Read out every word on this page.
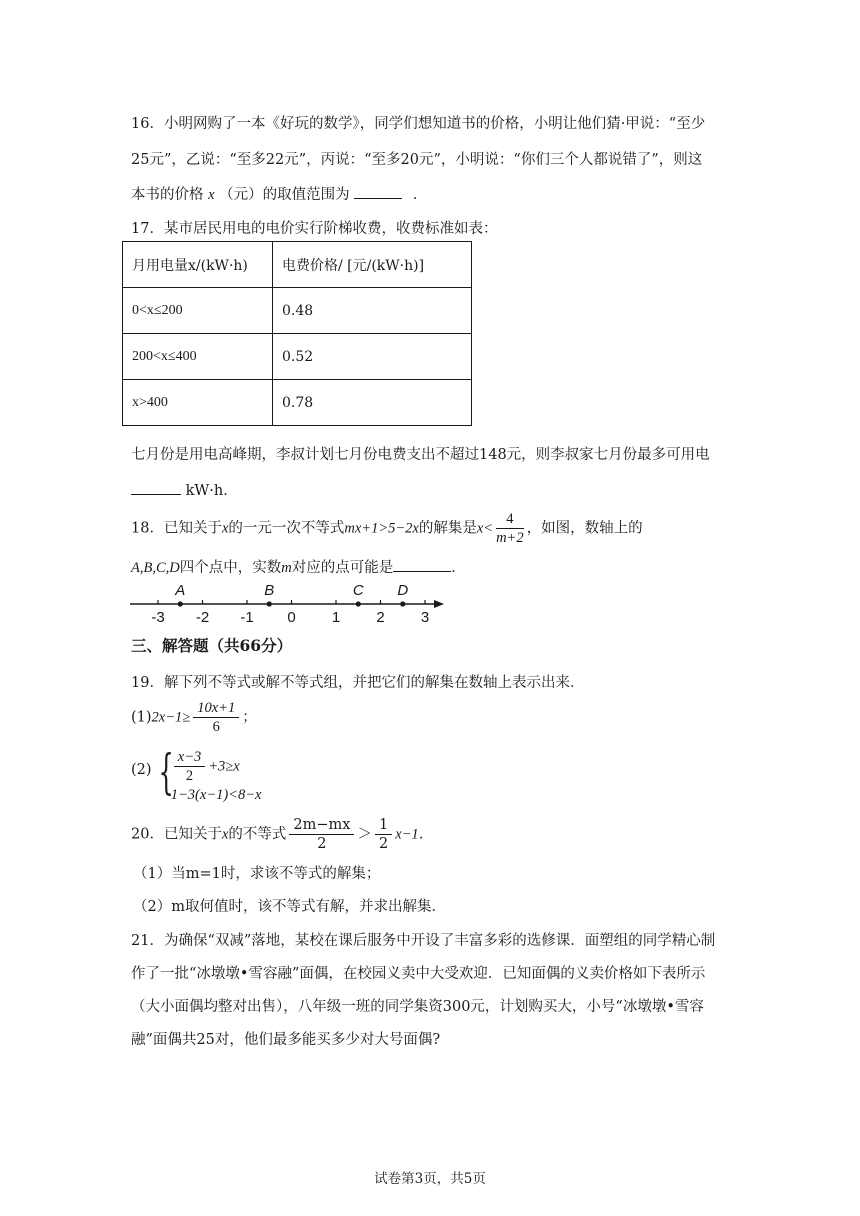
16．小明网购了一本《好玩的数学》，同学们想知道书的价格，小明让他们猜·甲说：“至少
25元”，乙说：“至多22元”，丙说：“至多20元”，小明说：“你们三个人都说错了”，则这
本书的价格 x （元）的取值范围为	．
17．某市居民用电的电价实行阶梯收费，收费标准如表：
月用电量x/(kW·h)	电费价格/ [元/(kW·h)]
0<x≤200	0.48
200<x≤400	0.52
x>400	0.78
七月份是用电高峰期，李叔计划七月份电费支出不超过148元，则李叔家七月份最多可用电
kW·h．
18．已知关于x的一元一次不等式mx+1>5−2x的解集是$x< \frac{4}{m+2}$ ，如图，数轴上的
A,B,C,D四个点中，实数m对应的点可能是	．
-3 -2 -1 0 1 2 3
A	B	C D
三、解答题（共66分）
19．解下列不等式或解不等式组，并把它们的解集在数轴上表示出来．
$(1)2x-1\ge \frac{10x+1}{6}$ ；
(2) { $\frac{x-3}{2} +3\ge x$
1−3(x−1)<8−x
20．已知关于x的不等式 $\frac{2m-mx}{2} > \frac{1}{2} x-1$．
（1）当m=1时，求该不等式的解集；
（2）m取何值时，该不等式有解，并求出解集．
21．为确保“双减”落地，某校在课后服务中开设了丰富多彩的选修课．面塑组的同学精心制
作了一批“冰墩墩•雪容融”面偶，在校园义卖中大受欢迎．已知面偶的义卖价格如下表所示
（大小面偶均整对出售），八年级一班的同学集资300元，计划购买大，小号“冰墩墩•雪容
融”面偶共25对，他们最多能买多少对大号面偶?
试卷第3页，共5页
